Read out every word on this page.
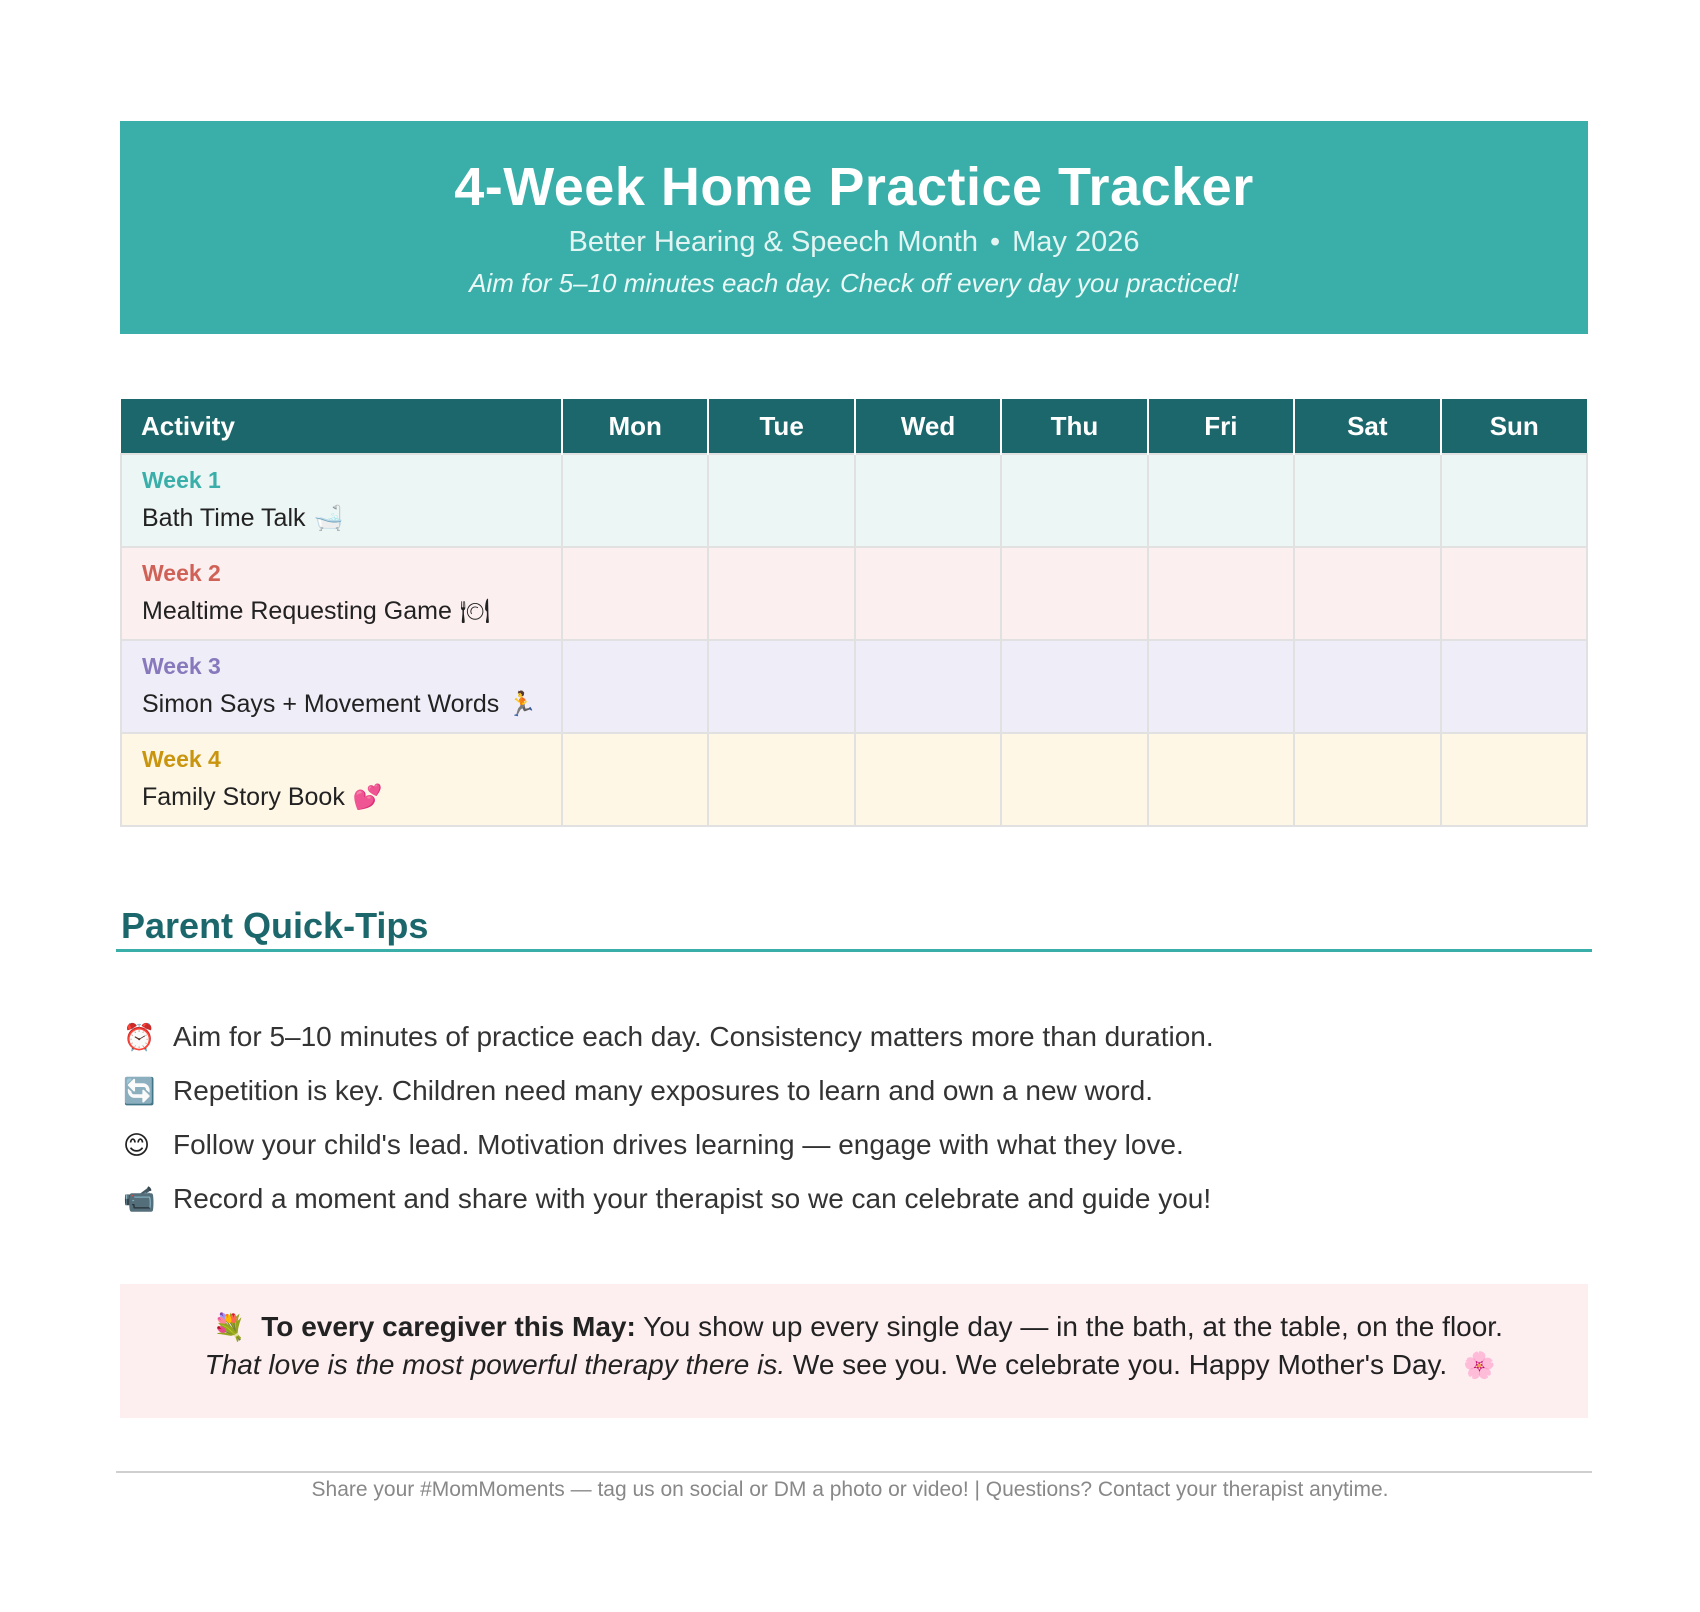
4-Week Home Practice Tracker
Better Hearing & Speech Month • May 2026
Aim for 5–10 minutes each day. Check off every day you practiced!
Activity	Mon	Tue	Wed	Thu	Fri	Sat	Sun

Week 1
Bath Time Talk 🛁							

Week 2
Mealtime Requesting Game 🍽							

Week 3
Simon Says + Movement Words 🏃							

Week 4
Family Story Book 💕							

Parent Quick-Tips
⏰ Aim for 5–10 minutes of practice each day. Consistency matters more than duration.
🔄 Repetition is key. Children need many exposures to learn and own a new word.
😊 Follow your child's lead. Motivation drives learning — engage with what they love.
📹 Record a moment and share with your therapist so we can celebrate and guide you!
💐 To every caregiver this May: You show up every single day — in the bath, at the table, on the floor.
That love is the most powerful therapy there is. We see you. We celebrate you. Happy Mother's Day. 🌸
Share your #MomMoments — tag us on social or DM a photo or video! | Questions? Contact your therapist anytime.
